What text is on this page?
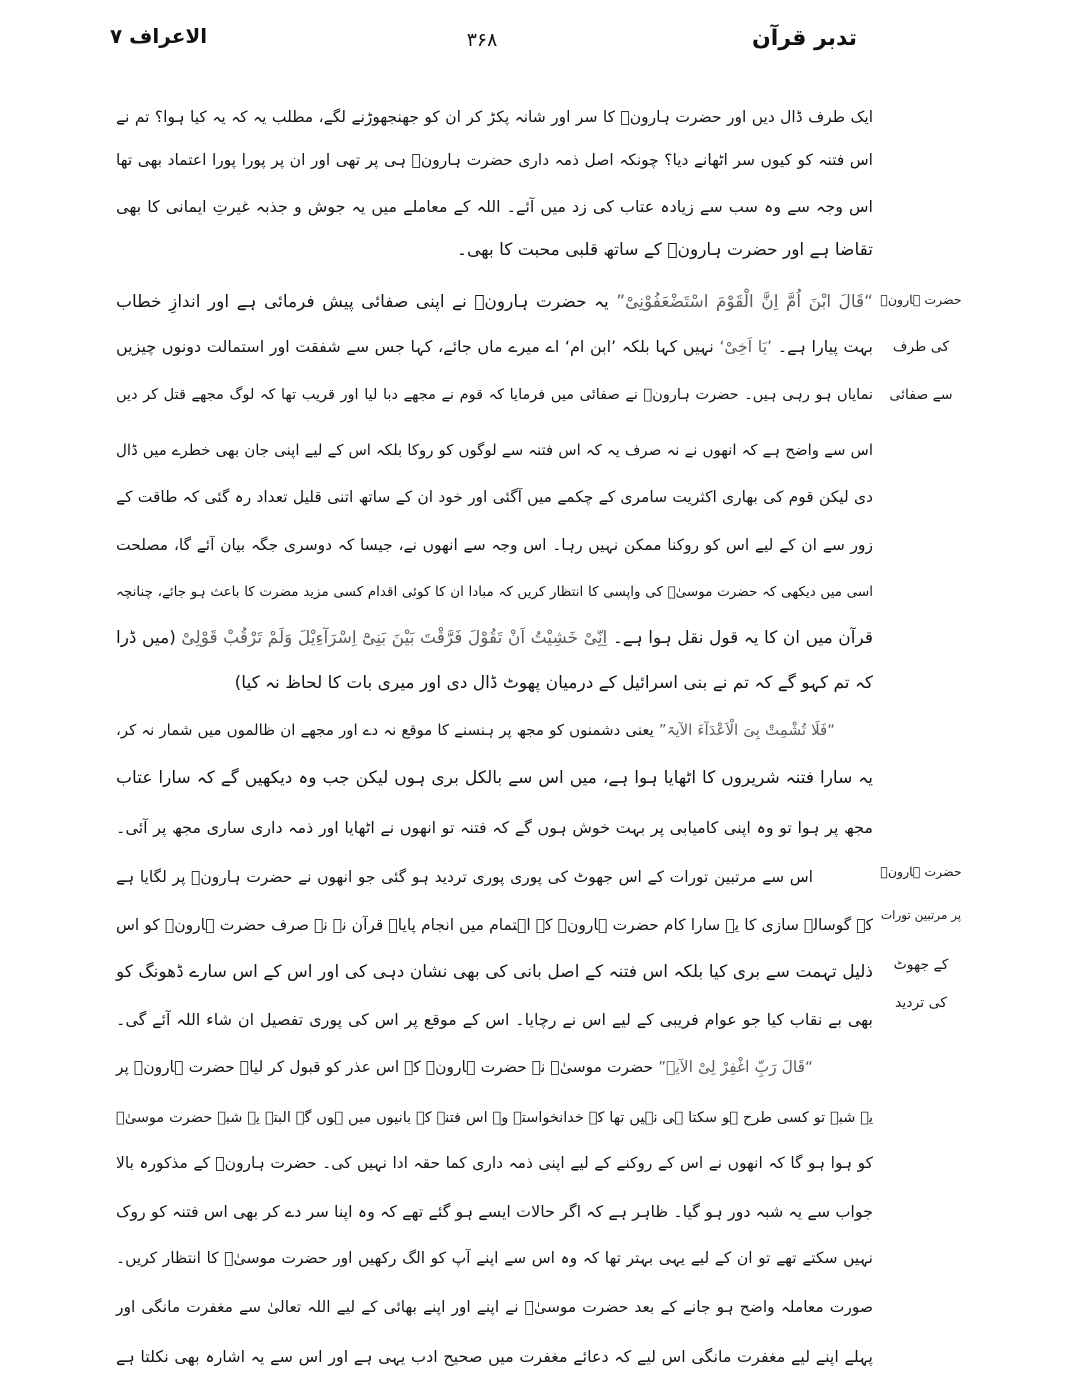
تدبر قرآن
۳۶۸
الاعراف ۷
ایک طرف ڈال دیں اور حضرت ہارونؑ کا سر اور شانہ پکڑ کر ان کو جھنجھوڑنے لگے، مطلب یہ کہ یہ کیا ہوا؟ تم نے
اس فتنہ کو کیوں سر اٹھانے دیا؟ چونکہ اصل ذمہ داری حضرت ہارونؑ ہی پر تھی اور ان پر پورا پورا اعتماد بھی تھا
اس وجہ سے وہ سب سے زیادہ عتاب کی زد میں آئے۔ اللہ کے معاملے میں یہ جوش و جذبہ غیرتِ ایمانی کا بھی
تقاضا ہے اور حضرت ہارونؑ کے ساتھ قلبی محبت کا بھی۔
“قَالَ ابْنَ اُمَّ اِنَّ الْقَوْمَ اسْتَضْعَفُوْنِیْ” یہ حضرت ہارونؑ نے اپنی صفائی پیش فرمائی ہے اور اندازِ خطاب
بہت پیارا ہے۔ ’یَا اَخِیْ‘ نہیں کہا بلکہ ’ابن ام‘ اے میرے ماں جائے، کہا جس سے شفقت اور استمالت دونوں چیزیں
نمایاں ہو رہی ہیں۔ حضرت ہارونؑ نے صفائی میں فرمایا کہ قوم نے مجھے دبا لیا اور قریب تھا کہ لوگ مجھے قتل کر دیں
اس سے واضح ہے کہ انھوں نے نہ صرف یہ کہ اس فتنہ سے لوگوں کو روکا بلکہ اس کے لیے اپنی جان بھی خطرے میں ڈال
دی لیکن قوم کی بھاری اکثریت سامری کے چکمے میں آگئی اور خود ان کے ساتھ اتنی قلیل تعداد رہ گئی کہ طاقت کے
زور سے ان کے لیے اس کو روکنا ممکن نہیں رہا۔ اس وجہ سے انھوں نے، جیسا کہ دوسری جگہ بیان آئے گا، مصلحت
اسی میں دیکھی کہ حضرت موسیٰؑ کی واپسی کا انتظار کریں کہ مبادا ان کا کوئی اقدام کسی مزید مضرت کا باعث ہو جائے، چنانچہ
قرآن میں ان کا یہ قول نقل ہوا ہے۔ اِنِّیْ خَشِیْتُ اَنْ تَقُوْلَ فَرَّقْتَ بَیْنَ بَنِیْٓ اِسْرَآءِیْلَ وَلَمْ تَرْقُبْ قَوْلِیْ (میں ڈرا
کہ تم کہو گے کہ تم نے بنی اسرائیل کے درمیان پھوٹ ڈال دی اور میری بات کا لحاظ نہ کیا)
“فَلَا تُشْمِتْ بِیَ الْاَعْدَآءَ الآیۃ” یعنی دشمنوں کو مجھ پر ہنسنے کا موقع نہ دے اور مجھے ان ظالموں میں شمار نہ کر،
یہ سارا فتنہ شریروں کا اٹھایا ہوا ہے، میں اس سے بالکل بری ہوں لیکن جب وہ دیکھیں گے کہ سارا عتاب
مجھ پر ہوا تو وہ اپنی کامیابی پر بہت خوش ہوں گے کہ فتنہ تو انھوں نے اٹھایا اور ذمہ داری ساری مجھ پر آئی۔
اس سے مرتبین تورات کے اس جھوٹ کی پوری پوری تردید ہو گئی جو انھوں نے حضرت ہارونؑ پر لگایا ہے
کہ گوسالہ سازی کا یہ سارا کام حضرت ہارونؑ کے اہتمام میں انجام پایا۔ قرآن نے نہ صرف حضرت ہارونؑ کو اس
ذلیل تہمت سے بری کیا بلکہ اس فتنہ کے اصل بانی کی بھی نشان دہی کی اور اس کے اس سارے ڈھونگ کو
بھی بے نقاب کیا جو عوام فریبی کے لیے اس نے رچایا۔ اس کے موقع پر اس کی پوری تفصیل ان شاء اللہ آئے گی۔
“قَالَ رَبِّ اغْفِرْ لِیْ الآیۃ” حضرت موسیٰؑ نے حضرت ہارونؑ کے اس عذر کو قبول کر لیا۔ حضرت ہارونؑ پر
یہ شبہ تو کسی طرح ہو سکتا ہی نہیں تھا کہ خدانخواستہ وہ اس فتنہ کے بانیوں میں ہوں گے البتہ یہ شبہ حضرت موسیٰؑ
کو ہوا ہو گا کہ انھوں نے اس کے روکنے کے لیے اپنی ذمہ داری کما حقہ ادا نہیں کی۔ حضرت ہارونؑ کے مذکورہ بالا
جواب سے یہ شبہ دور ہو گیا۔ ظاہر ہے کہ اگر حالات ایسے ہو گئے تھے کہ وہ اپنا سر دے کر بھی اس فتنہ کو روک
نہیں سکتے تھے تو ان کے لیے یہی بہتر تھا کہ وہ اس سے اپنے آپ کو الگ رکھیں اور حضرت موسیٰؑ کا انتظار کریں۔
صورت معاملہ واضح ہو جانے کے بعد حضرت موسیٰؑ نے اپنے اور اپنے بھائی کے لیے اللہ تعالیٰ سے مغفرت مانگی اور
پہلے اپنے لیے مغفرت مانگی اس لیے کہ دعائے مغفرت میں صحیح ادب یہی ہے اور اس سے یہ اشارہ بھی نکلتا ہے
حضرت ہارونؑ
کی طرف
سے صفائی
حضرت ہارونؑ
پر مرتبین تورات
کے جھوٹ
کی تردید
